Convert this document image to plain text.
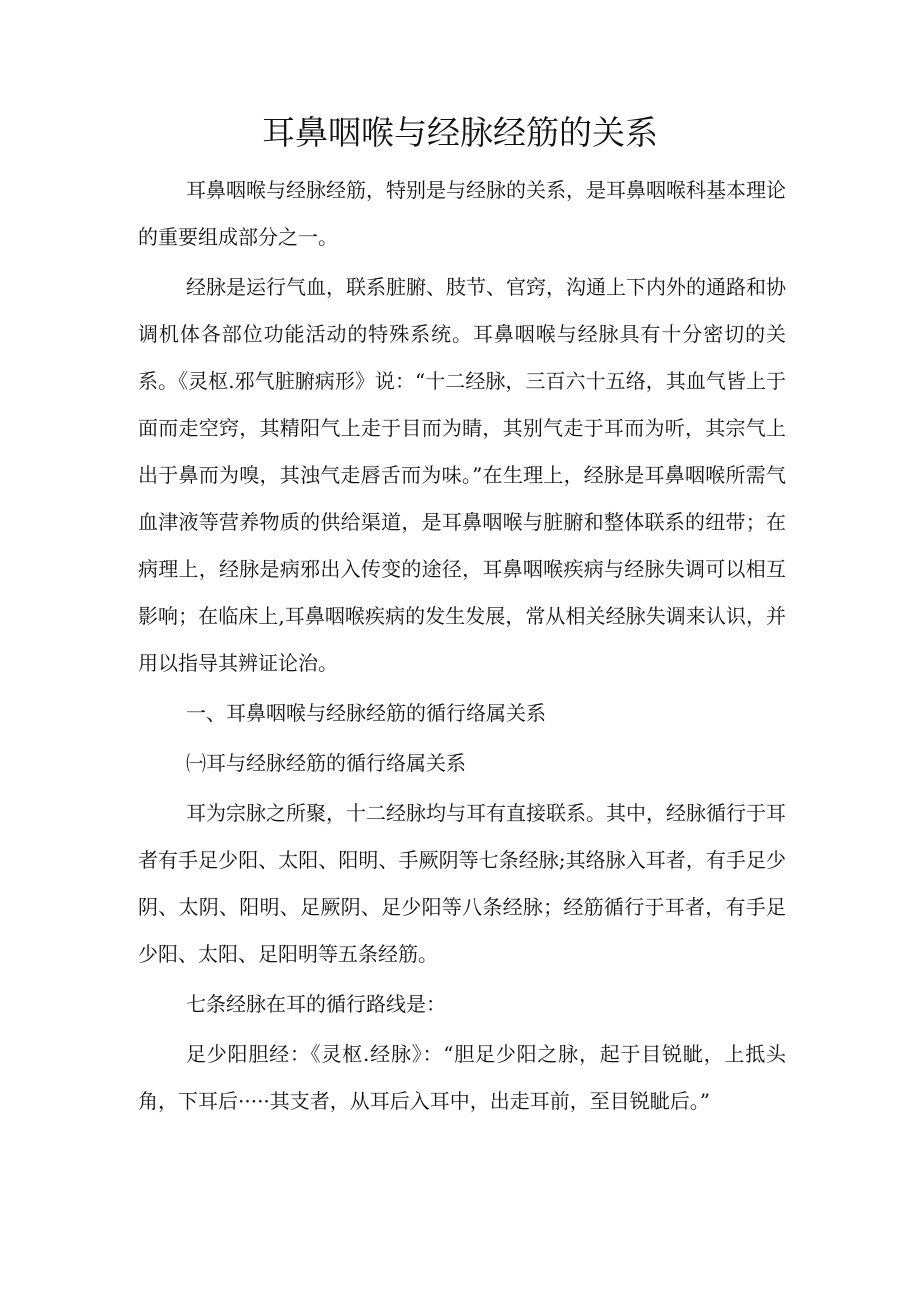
耳鼻咽喉与经脉经筋的关系

耳鼻咽喉与经脉经筋，特别是与经脉的关系，是耳鼻咽喉科基本理论的重要组成部分之一。

经脉是运行气血，联系脏腑、肢节、官窍，沟通上下内外的通路和协调机体各部位功能活动的特殊系统。耳鼻咽喉与经脉具有十分密切的关系。《灵枢.邪气脏腑病形》说：“十二经脉，三百六十五络，其血气皆上于面而走空窍，其精阳气上走于目而为睛，其别气走于耳而为听，其宗气上出于鼻而为嗅，其浊气走唇舌而为味。”在生理上，经脉是耳鼻咽喉所需气血津液等营养物质的供给渠道，是耳鼻咽喉与脏腑和整体联系的纽带；在病理上，经脉是病邪出入传变的途径，耳鼻咽喉疾病与经脉失调可以相互影响；在临床上,耳鼻咽喉疾病的发生发展，常从相关经脉失调来认识，并用以指导其辨证论治。

一、耳鼻咽喉与经脉经筋的循行络属关系

㈠耳与经脉经筋的循行络属关系

耳为宗脉之所聚，十二经脉均与耳有直接联系。其中，经脉循行于耳者有手足少阳、太阳、阳明、手厥阴等七条经脉;其络脉入耳者，有手足少阴、太阴、阳明、足厥阴、足少阳等八条经脉；经筋循行于耳者，有手足少阳、太阳、足阳明等五条经筋。

七条经脉在耳的循行路线是：

足少阳胆经：《灵枢.经脉》：“胆足少阳之脉，起于目锐眦，上抵头角，下耳后·····其支者，从耳后入耳中，出走耳前，至目锐眦后。”
